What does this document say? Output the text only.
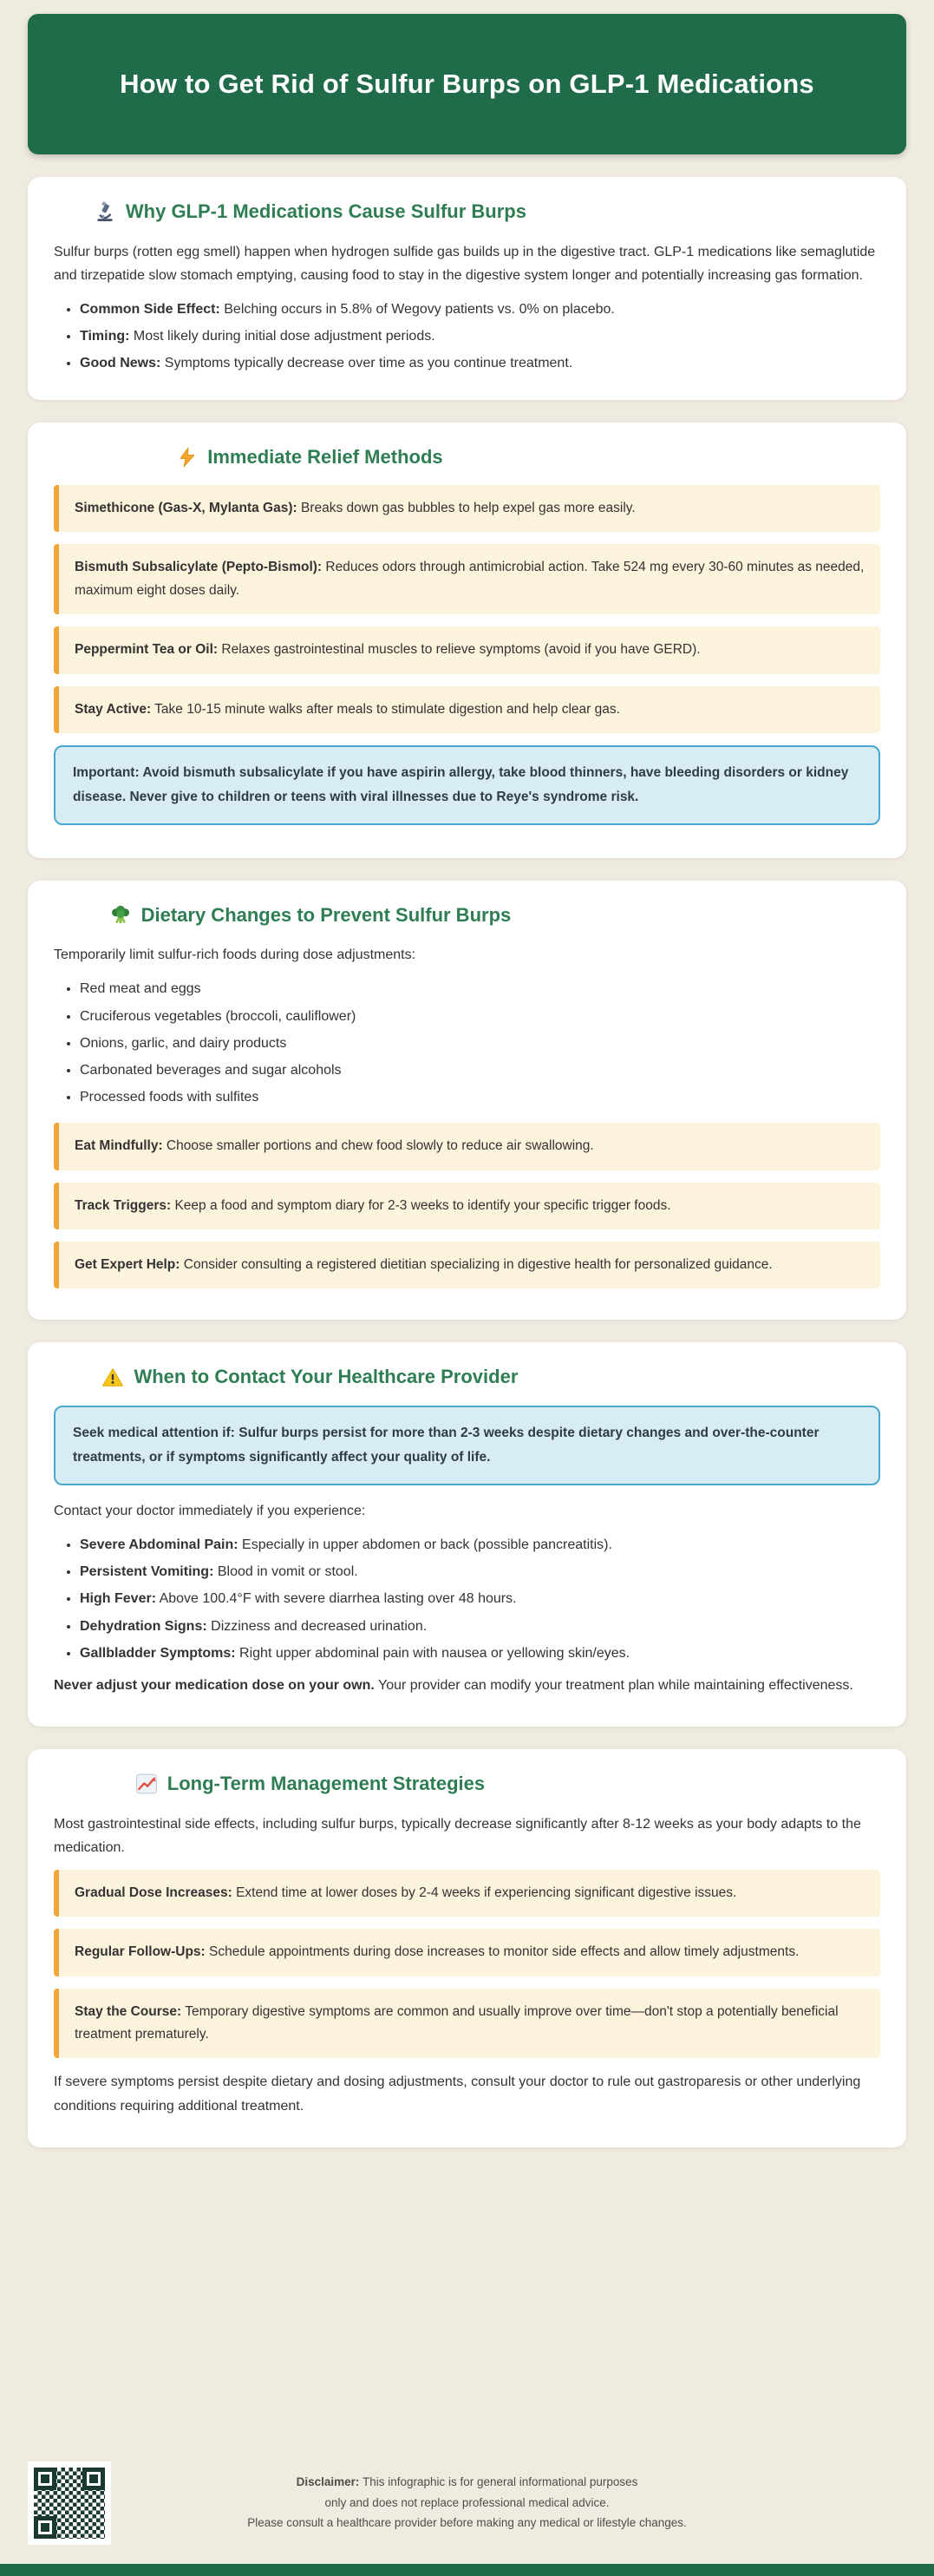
How to Get Rid of Sulfur Burps on GLP-1 Medications
Why GLP-1 Medications Cause Sulfur Burps

Sulfur burps (rotten egg smell) happen when hydrogen sulfide gas builds up in the digestive tract. GLP-1 medications like semaglutide and tirzepatide slow stomach emptying, causing food to stay in the digestive system longer and potentially increasing gas formation.

• Common Side Effect: Belching occurs in 5.8% of Wegovy patients vs. 0% on placebo.
• Timing: Most likely during initial dose adjustment periods.
• Good News: Symptoms typically decrease over time as you continue treatment.
Immediate Relief Methods
Simethicone (Gas-X, Mylanta Gas): Breaks down gas bubbles to help expel gas more easily.
Bismuth Subsalicylate (Pepto-Bismol): Reduces odors through antimicrobial action. Take 524 mg every 30-60 minutes as needed, maximum eight doses daily.
Peppermint Tea or Oil: Relaxes gastrointestinal muscles to relieve symptoms (avoid if you have GERD).
Stay Active: Take 10-15 minute walks after meals to stimulate digestion and help clear gas.
Important: Avoid bismuth subsalicylate if you have aspirin allergy, take blood thinners, have bleeding disorders or kidney disease. Never give to children or teens with viral illnesses due to Reye's syndrome risk.
Dietary Changes to Prevent Sulfur Burps

Temporarily limit sulfur-rich foods during dose adjustments:

• Red meat and eggs
• Cruciferous vegetables (broccoli, cauliflower)
• Onions, garlic, and dairy products
• Carbonated beverages and sugar alcohols
• Processed foods with sulfites
Eat Mindfully: Choose smaller portions and chew food slowly to reduce air swallowing.
Track Triggers: Keep a food and symptom diary for 2-3 weeks to identify your specific trigger foods.
Get Expert Help: Consider consulting a registered dietitian specializing in digestive health for personalized guidance.
When to Contact Your Healthcare Provider
Seek medical attention if: Sulfur burps persist for more than 2-3 weeks despite dietary changes and over-the-counter treatments, or if symptoms significantly affect your quality of life.

Contact your doctor immediately if you experience:

• Severe Abdominal Pain: Especially in upper abdomen or back (possible pancreatitis).
• Persistent Vomiting: Blood in vomit or stool.
• High Fever: Above 100.4°F with severe diarrhea lasting over 48 hours.
• Dehydration Signs: Dizziness and decreased urination.
• Gallbladder Symptoms: Right upper abdominal pain with nausea or yellowing skin/eyes.

Never adjust your medication dose on your own. Your provider can modify your treatment plan while maintaining effectiveness.

Long-Term Management Strategies

Most gastrointestinal side effects, including sulfur burps, typically decrease significantly after 8-12 weeks as your body adapts to the medication.

Gradual Dose Increases: Extend time at lower doses by 2-4 weeks if experiencing significant digestive issues.
Regular Follow-Ups: Schedule appointments during dose increases to monitor side effects and allow timely adjustments.
Stay the Course: Temporary digestive symptoms are common and usually improve over time—don't stop a potentially beneficial treatment prematurely.

If severe symptoms persist despite dietary and dosing adjustments, consult your doctor to rule out gastroparesis or other underlying conditions requiring additional treatment.

Disclaimer: This infographic is for general informational purposes
only and does not replace professional medical advice.
Please consult a healthcare provider before making any medical or lifestyle changes.
